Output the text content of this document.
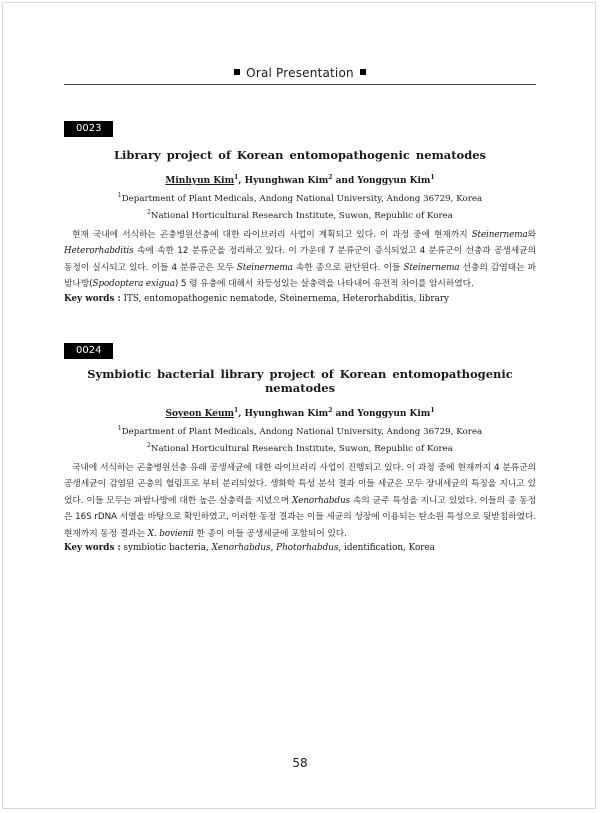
Oral Presentation
0023
Library project of Korean entomopathogenic nematodes
Minhyun Kim$^1$, Hyunghwan Kim$^2$ and Yonggyun Kim$^1$
$^1$Department of Plant Medicals, Andong National University, Andong 36729, Korea
$^2$National Horticultural Research Institute, Suwon, Republic of Korea

현재 국내에 서식하는 곤충병원선충에 대한 라이브러리 사업이 계획되고 있다. 이 과정 중에 현재까지 Steinernema와 Heterorhabditis 속에 속한 12 분류군을 정리하고 있다. 이 가운데 7 분류군이 증식되었고 4 분류군이 선충과 공생세균의 동정이 실시되고 있다. 이들 4 분류군은 모두 Steinernema 속한 종으로 판단된다. 이들 Steinernema 선충의 감염태는 파밤나방(Spodoptera exigua) 5 령 유충에 대해서 차등성있는 살충력을 나타내어 유전적 차이를 암시하였다.

Key words : ITS, entomopathogenic nematode, Steinernema, Heterorhabditis, library
0024
Symbiotic bacterial library project of Korean entomopathogenic nematodes
Soyeon Keum$^1$, Hyunghwan Kim$^2$ and Yonggyun Kim$^1$
$^1$Department of Plant Medicals, Andong National University, Andong 36729, Korea
$^2$National Horticultural Research Institute, Suwon, Republic of Korea

국내에 서식하는 곤충병원선충 유래 공생세균에 대한 라이브러리 사업이 진행되고 있다. 이 과정 중에 현재까지 4 분류군의 공생세균이 감염된 곤충의 혈림프로 부터 분리되었다. 생화학 특성 분석 결과 이들 세균은 모두 장내세균의 특징을 지니고 있었다. 이들 모두는 파밤나방에 대한 높은 살충력을 지녔으며 Xenorhabdus 속의 균주 특성을 지니고 있었다. 이들의 종 동정은 16S rDNA 서열을 바탕으로 확인하였고, 이러한 동정 결과는 이들 세균의 성장에 이용되는 탄소원 특성으로 뒷받침하였다. 현재까지 동정 결과는 X. bovienii 한 종이 이들 공생세균에 포함되어 있다.

Key words : symbiotic bacteria, Xenorhabdus, Photorhabdus, identification, Korea
58
